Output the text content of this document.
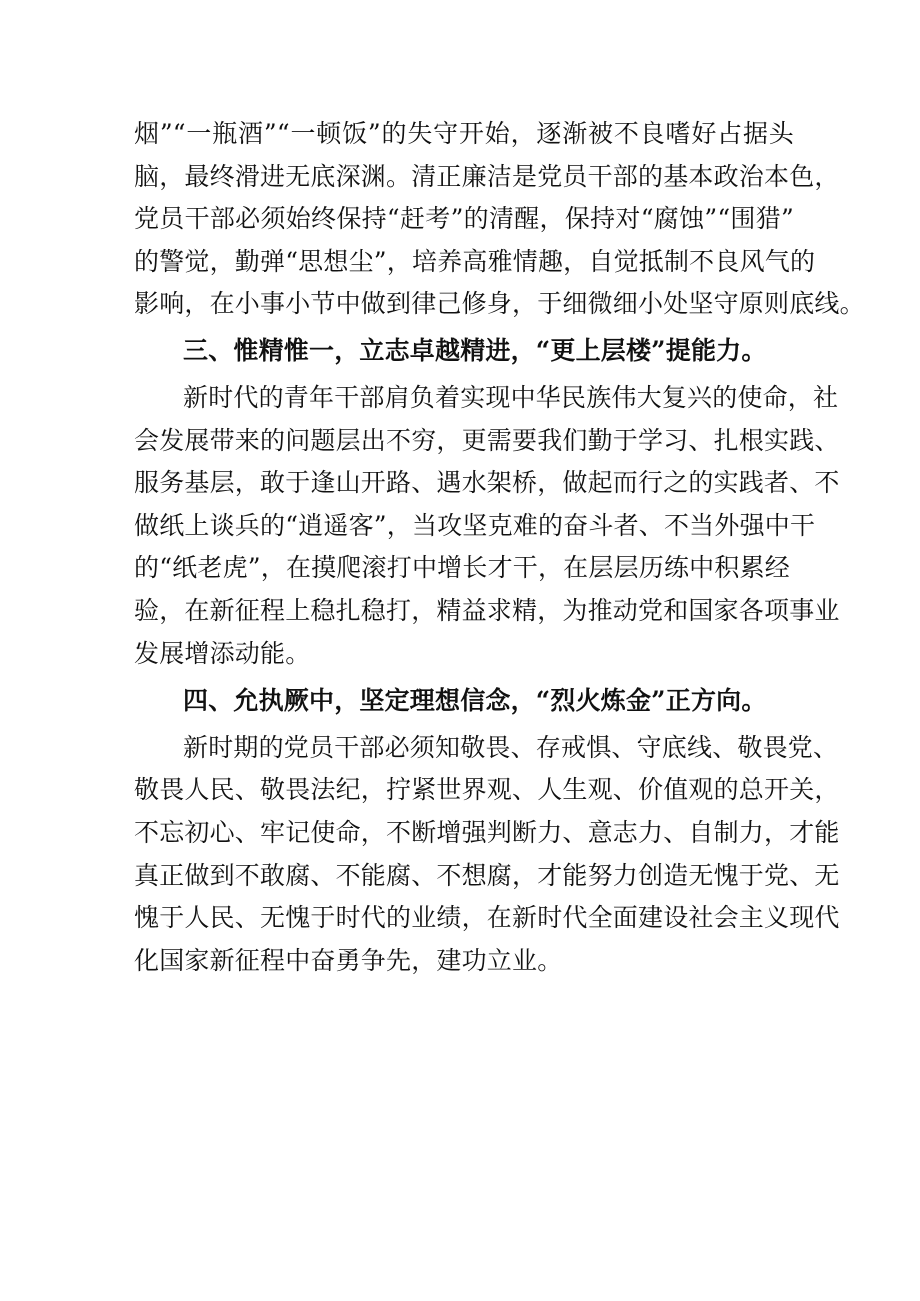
烟”“一瓶酒”“一顿饭”的失守开始，逐渐被不良嗜好占据头
脑，最终滑进无底深渊。清正廉洁是党员干部的基本政治本色，
党员干部必须始终保持“赶考”的清醒，保持对“腐蚀”“围猎”
的警觉，勤弹“思想尘”，培养高雅情趣，自觉抵制不良风气的
影响，在小事小节中做到律己修身，于细微细小处坚守原则底线。
三、惟精惟一，立志卓越精进，“更上层楼”提能力。
新时代的青年干部肩负着实现中华民族伟大复兴的使命，社
会发展带来的问题层出不穷，更需要我们勤于学习、扎根实践、
服务基层，敢于逢山开路、遇水架桥，做起而行之的实践者、不
做纸上谈兵的“逍遥客”，当攻坚克难的奋斗者、不当外强中干
的“纸老虎”，在摸爬滚打中增长才干，在层层历练中积累经
验，在新征程上稳扎稳打，精益求精，为推动党和国家各项事业
发展增添动能。
四、允执厥中，坚定理想信念，“烈火炼金”正方向。
新时期的党员干部必须知敬畏、存戒惧、守底线、敬畏党、
敬畏人民、敬畏法纪，拧紧世界观、人生观、价值观的总开关，
不忘初心、牢记使命，不断增强判断力、意志力、自制力，才能
真正做到不敢腐、不能腐、不想腐，才能努力创造无愧于党、无
愧于人民、无愧于时代的业绩，在新时代全面建设社会主义现代
化国家新征程中奋勇争先，建功立业。
